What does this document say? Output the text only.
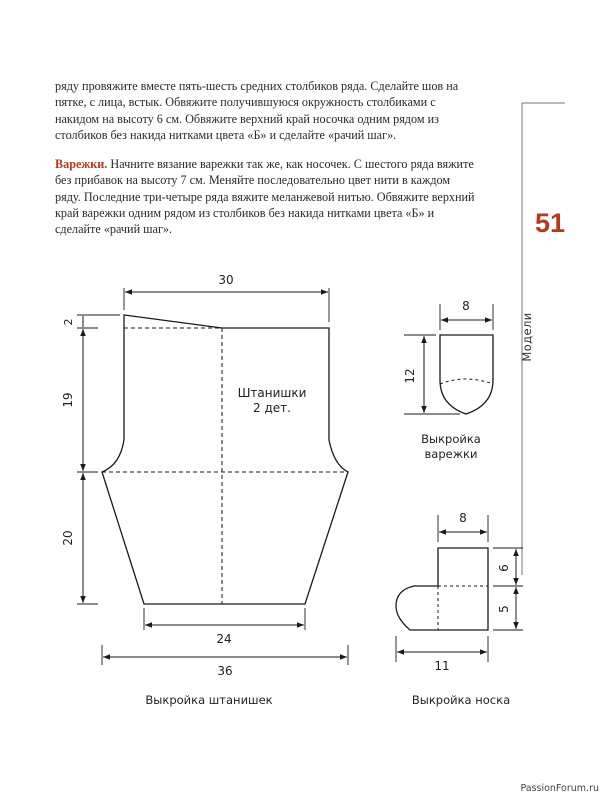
ряду провяжите вместе пять-шесть средних столбиков ряда. Сделайте шов на пятке, с лица, встык. Обвяжите получившуюся окружность столбиками с накидом на высоту 6 см. Обвяжите верхний край носочка одним рядом из столбиков без накида нитками цвета «Б» и сделайте «рачий шаг».

Варежки. Начните вязание варежки так же, как носочек. С шестого ряда вяжите без прибавок на высоту 7 см. Меняйте последовательно цвет нити в каждом ряду. Последние три-четыре ряда вяжите меланжевой нитью. Обвяжите верхний край варежки одним рядом из столбиков без накида нитками цвета «Б» и сделайте «рачий шаг».	51
Модели
30
2
19
20
24
36
Штанишки
2 дет.
Выкройка штанишек
8
12
Выкройка
варежки
8
6
5
11
Выкройка носка
PassionForum.ru
